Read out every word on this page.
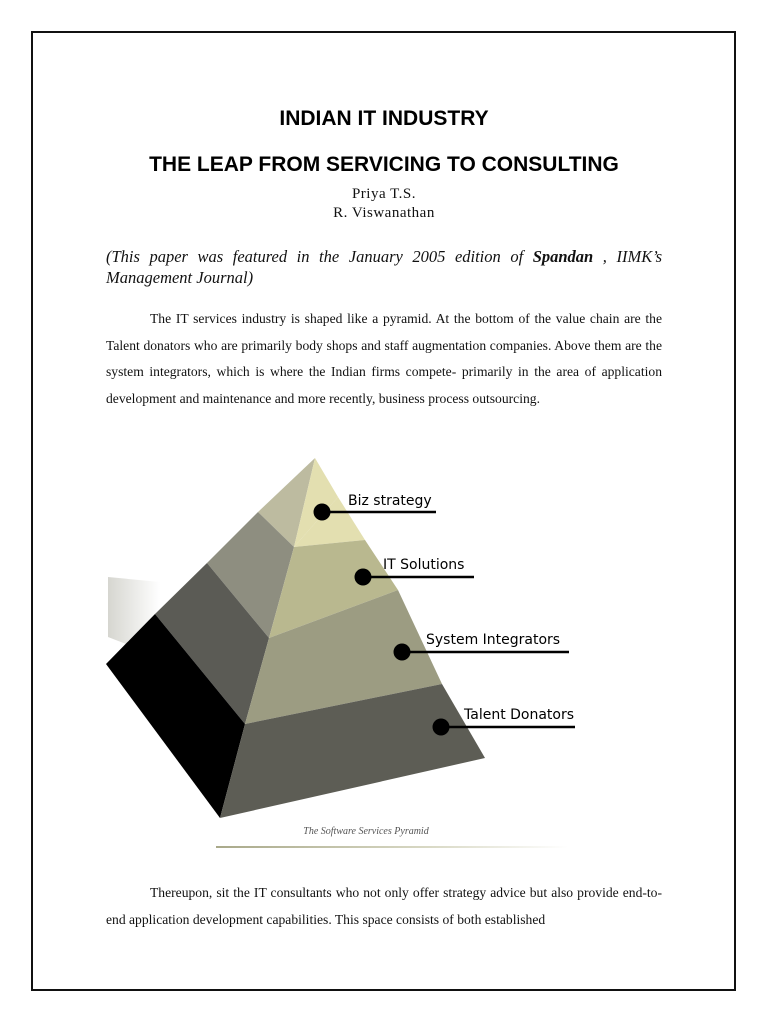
INDIAN IT INDUSTRY
THE LEAP FROM SERVICING TO CONSULTING
Priya T.S.
R. Viswanathan
(This paper was featured in the January 2005 edition of Spandan , IIMK’s Management Journal)
The IT services industry is shaped like a pyramid. At the bottom of the value chain are the Talent donators who are primarily body shops and staff augmentation companies. Above them are the system integrators, which is where the Indian firms compete- primarily in the area of application development and maintenance and more recently, business process outsourcing.
Biz strategy
IT Solutions
System Integrators
Talent Donators
The Software Services Pyramid
Thereupon, sit the IT consultants who not only offer strategy advice but also provide end-to-end application development capabilities. This space consists of both established
